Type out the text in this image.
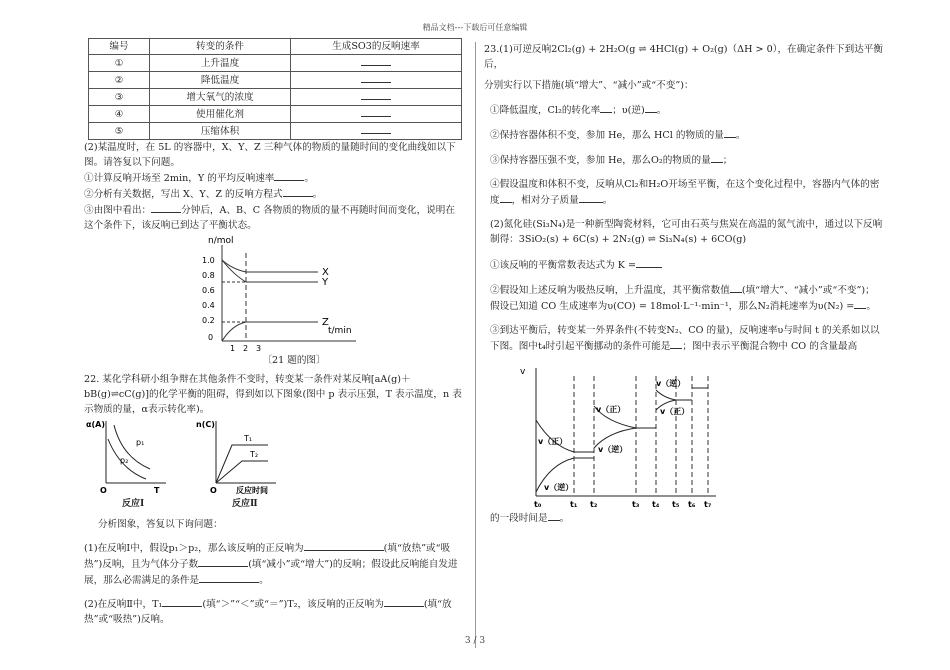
精品文档---下载后可任意编辑
编号	转变的条件	生成SO3的反响速率
①	上升温度	
②	降低温度	
③	增大氧气的浓度	
④	使用催化剂	
⑤	压缩体积	

(2)某温度时，在 5L 的容器中，X、Y、Z 三种气体的物质的量随时间的变化曲线如以下图。请答复以下问题。

①计算反响开场至 2min，Y 的平均反响速率	。

②分析有关数据，写出 X、Y、Z 的反响方程式	。

③由图中看出：	分钟后，A、B、C 各物质的物质的量不再随时间而变化，说明在这个条件下，该反响已到达了平衡状态。

n/mol
t/min
1.0
0.8
0.6
0.4
0.2
0
1 2 3
X
Y
Z
〔21 题的图〕

22. 某化学科研小组争辩在其他条件不变时，转变某一条件对某反响[aA(g)＋bB(g)⇌cC(g)]的化学平衡的阻碍，得到如以下图象(图中 p 表示压强，T 表示温度，n 表示物质的量，α表示转化率)。

α(A)
p₁
p₂
O	T
n(C)
T₁
T₂
O 反应时间
反应Ⅰ	反应Ⅱ

分析图象，答复以下询问题：

(1)在反响Ⅰ中，假设p₁＞p₂，那么该反响的正反响为	(填“放热”或“吸热”)反响，且为气体分子数	(填“减小”或“增大”)的反响；假设此反响能自发进展，那么必需满足的条件是	。

(2)在反响Ⅱ中，T₁	(填“＞”“＜”或“＝”)T₂，该反响的正反响为	(填“放热”或“吸热”)反响。

23.(1)可逆反响2Cl₂(g) + 2H₂O(g ⇌ 4HCl(g) + O₂(g)（ΔH > 0），在确定条件下到达平衡后，

分别实行以下措施(填“增大”、“减小”或“不变”)：

①降低温度，Cl₂的转化率 ；υ(逆) 。

②保持容器体积不变，参加 He，那么 HCl 的物质的量 。

③保持容器压强不变，参加 He，那么O₂的物质的量 ；

④假设温度和体积不变，反响从Cl₂和H₂O开场至平衡，在这个变化过程中，容器内气体的密度 ，相对分子质量	。

(2)氮化硅(Si₃N₄)是一种新型陶瓷材料，它可由石英与焦炭在高温的氮气流中，通过以下反响制得：3SiO₂(s) + 6C(s) + 2N₂(g) ⇌ Si₃N₄(s) + 6CO(g)

①该反响的平衡常数表达式为 K =

②假设知上述反响为吸热反响，上升温度，其平衡常数值 (填“增大”、“减小”或“不变”)；假设已知道 CO 生成速率为υ(CO) = 18mol·L⁻¹·min⁻¹，那么N₂消耗速率为υ(N₂) = 。

③到达平衡后，转变某一外界条件(不转变N₂、CO 的量)，反响速率υ与时间 t 的关系如以以下图。图中t₄时引起平衡挪动的条件可能是 ；图中表示平衡混合物中 CO 的含量最高

v
v（正）
v（逆）
v（正）
v（逆）
v（逆）
v（正）
t₀	t₁ t₂	t₃ t₄ t₅ t₆ t₇

的一段时间是 。

3 / 3
